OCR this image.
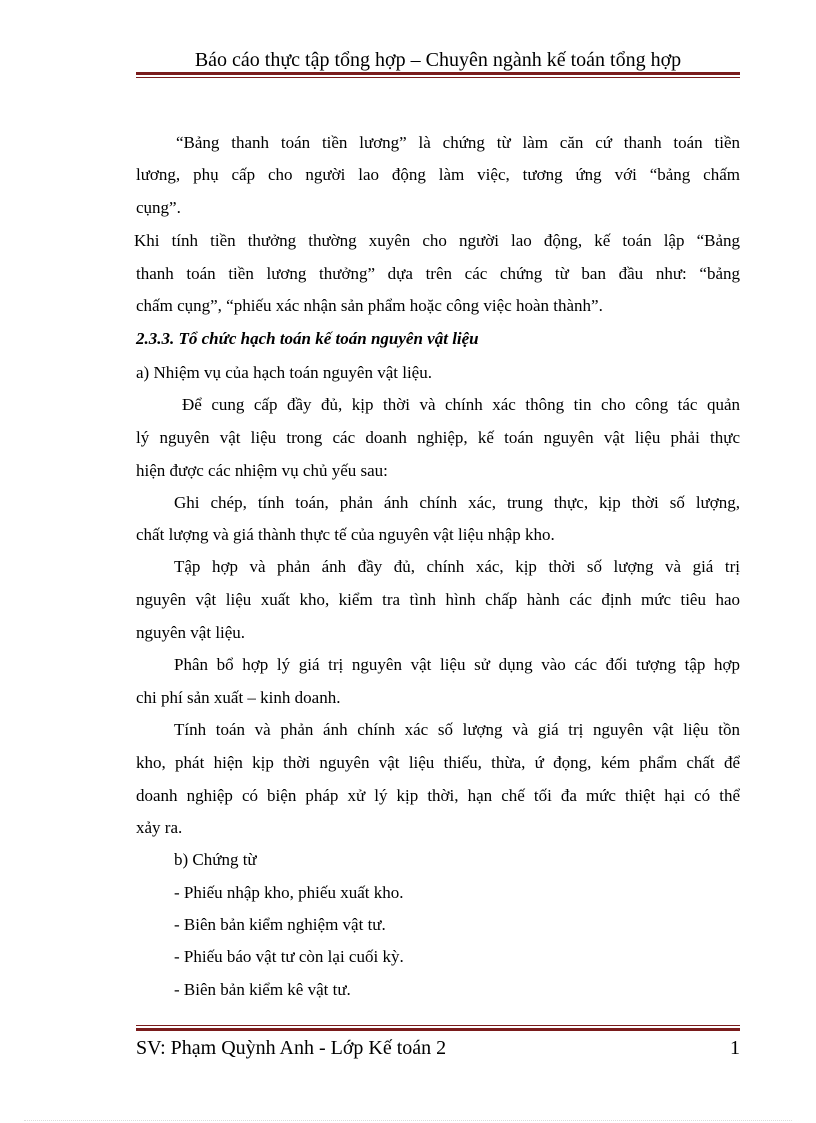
Báo cáo thực tập tổng hợp – Chuyên ngành kế toán tổng hợp
“Bảng thanh toán tiền lương” là chứng từ làm căn cứ thanh toán tiền
lương, phụ cấp cho người lao động làm việc, tương ứng với “bảng chấm
cụng”.
Khi tính tiền thưởng thường xuyên cho người lao động, kế toán lập “Bảng
thanh toán tiền lương thưởng” dựa trên các chứng từ ban đầu như: “bảng
chấm cụng”, “phiếu xác nhận sản phẩm hoặc công việc hoàn thành”.
2.3.3. Tổ chức hạch toán kế toán nguyên vật liệu
a) Nhiệm vụ của hạch toán nguyên vật liệu.
Để cung cấp đầy đủ, kịp thời và chính xác thông tin cho công tác quản
lý nguyên vật liệu trong các doanh nghiệp, kế toán nguyên vật liệu phải thực
hiện được các nhiệm vụ chủ yếu sau:
Ghi chép, tính toán, phản ánh chính xác, trung thực, kịp thời số lượng,
chất lượng và giá thành thực tế của nguyên vật liệu nhập kho.
Tập hợp và phản ánh đầy đủ, chính xác, kịp thời số lượng và giá trị
nguyên vật liệu xuất kho, kiểm tra tình hình chấp hành các định mức tiêu hao
nguyên vật liệu.
Phân bổ hợp lý giá trị nguyên vật liệu sử dụng vào các đối tượng tập hợp
chi phí sản xuất – kinh doanh.
Tính toán và phản ánh chính xác số lượng và giá trị nguyên vật liệu tồn
kho, phát hiện kịp thời nguyên vật liệu thiếu, thừa, ứ đọng, kém phẩm chất để
doanh nghiệp có biện pháp xử lý kịp thời, hạn chế tối đa mức thiệt hại có thể
xảy ra.
b) Chứng từ
- Phiếu nhập kho, phiếu xuất kho.
- Biên bản kiểm nghiệm vật tư.
- Phiếu báo vật tư còn lại cuối kỳ.
- Biên bản kiểm kê vật tư.
SV: Phạm Quỳnh Anh - Lớp Kế toán 2	1
